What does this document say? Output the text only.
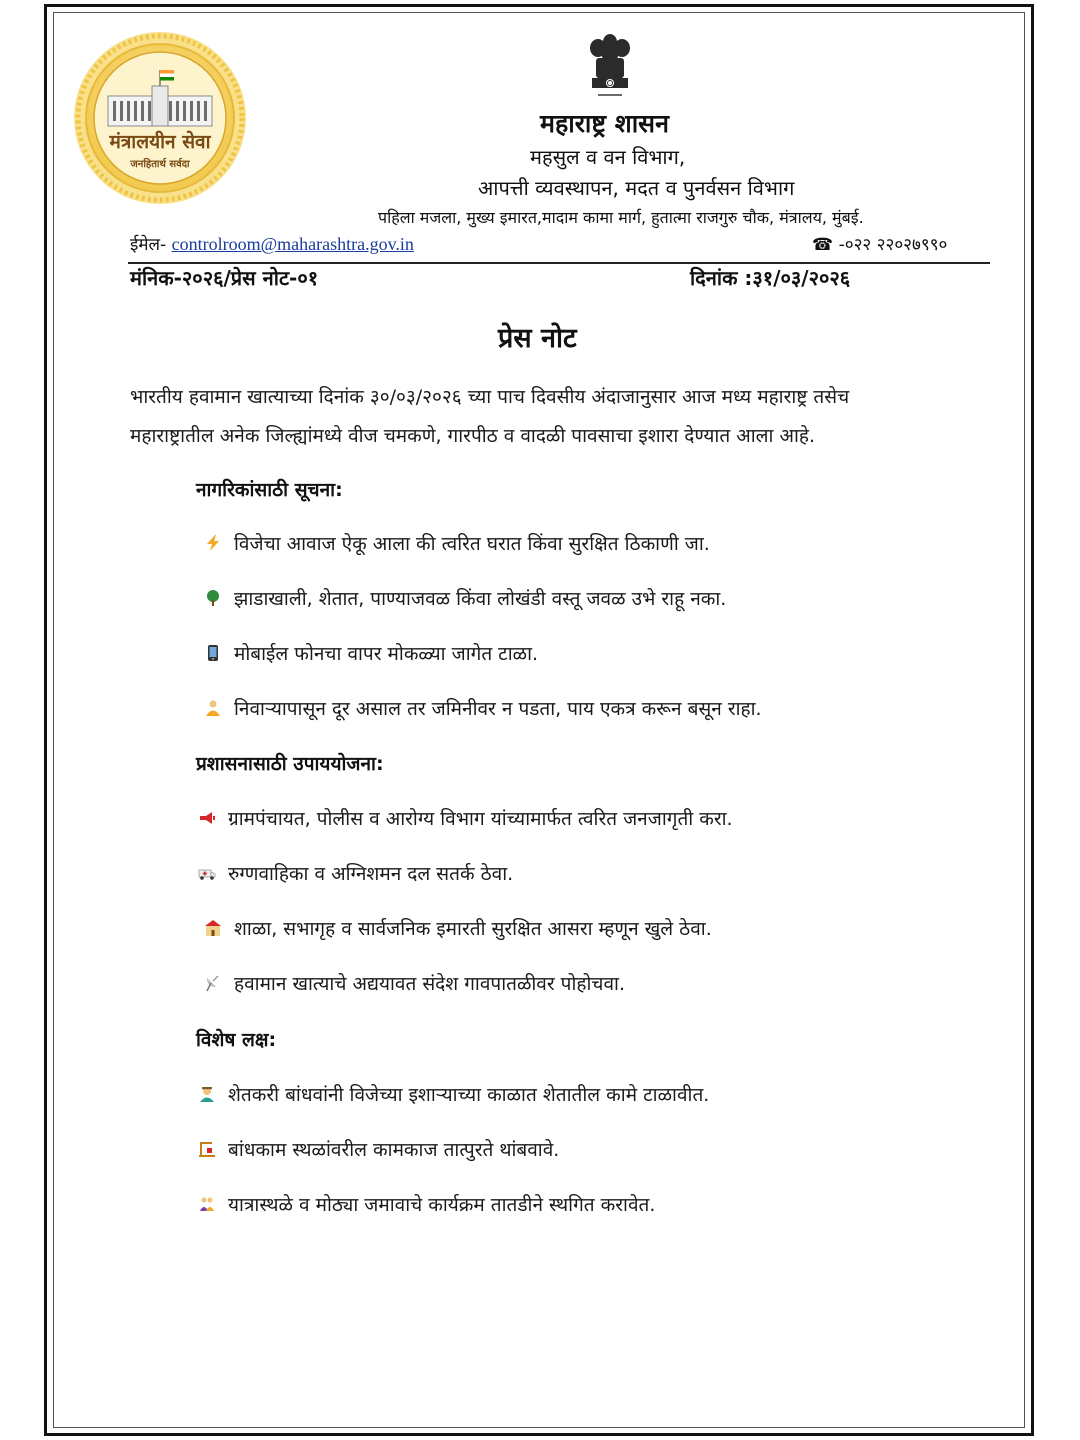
मंत्रालयीन सेवा
जनहितार्थ सर्वदा
महाराष्ट्र शासन
महसुल व वन विभाग,
आपत्ती व्यवस्थापन, मदत व पुनर्वसन विभाग
पहिला मजला, मुख्य इमारत,मादाम कामा मार्ग, हुतात्मा राजगुरु चौक, मंत्रालय, मुंबई.
ईमेल- controlroom@maharashtra.gov.in	☎ -०२२ २२०२७९९०
मंनिक-२०२६/प्रेस नोट-०१	दिनांक :३१/०३/२०२६
प्रेस नोट
भारतीय हवामान खात्याच्या दिनांक ३०/०३/२०२६ च्या पाच दिवसीय अंदाजानुसार आज मध्य महाराष्ट्र तसेच
महाराष्ट्रातील अनेक जिल्ह्यांमध्ये वीज चमकणे, गारपीठ व वादळी पावसाचा इशारा देण्यात आला आहे.
नागरिकांसाठी सूचना:
विजेचा आवाज ऐकू आला की त्वरित घरात किंवा सुरक्षित ठिकाणी जा.
झाडाखाली, शेतात, पाण्याजवळ किंवा लोखंडी वस्तू जवळ उभे राहू नका.
मोबाईल फोनचा वापर मोकळ्या जागेत टाळा.
निवाऱ्यापासून दूर असाल तर जमिनीवर न पडता, पाय एकत्र करून बसून राहा.
प्रशासनासाठी उपाययोजना:
ग्रामपंचायत, पोलीस व आरोग्य विभाग यांच्यामार्फत त्वरित जनजागृती करा.
रुग्णवाहिका व अग्निशमन दल सतर्क ठेवा.
शाळा, सभागृह व सार्वजनिक इमारती सुरक्षित आसरा म्हणून खुले ठेवा.
हवामान खात्याचे अद्ययावत संदेश गावपातळीवर पोहोचवा.
विशेष लक्ष:
शेतकरी बांधवांनी विजेच्या इशाऱ्याच्या काळात शेतातील कामे टाळावीत.
बांधकाम स्थळांवरील कामकाज तात्पुरते थांबवावे.
यात्रास्थळे व मोठ्या जमावाचे कार्यक्रम तातडीने स्थगित करावेत.
